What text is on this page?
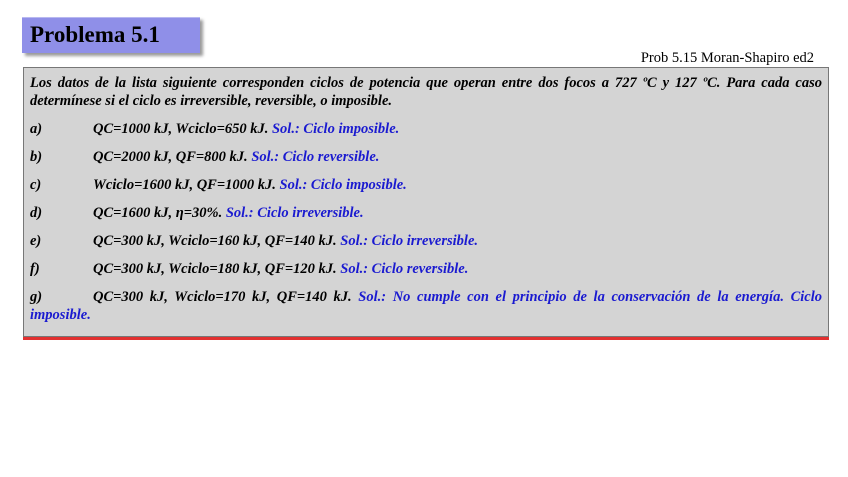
Problema 5.1
Prob 5.15 Moran-Shapiro ed2

Los datos de la lista siguiente corresponden ciclos de potencia que operan entre dos focos a 727 ºC y 127 ºC. Para cada caso determínese si el ciclo es irreversible, reversible, o imposible.

a)	QC=1000 kJ, Wciclo=650 kJ. Sol.: Ciclo imposible.
b)	QC=2000 kJ, QF=800 kJ. Sol.: Ciclo reversible.
c)	Wciclo=1600 kJ, QF=1000 kJ. Sol.: Ciclo imposible.
d)	QC=1600 kJ, η=30%. Sol.: Ciclo irreversible.
e)	QC=300 kJ, Wciclo=160 kJ, QF=140 kJ. Sol.: Ciclo irreversible.
f)	QC=300 kJ, Wciclo=180 kJ, QF=120 kJ. Sol.: Ciclo reversible.
g)	QC=300 kJ, Wciclo=170 kJ, QF=140 kJ. Sol.: No cumple con el principio de la conservación de la energía. Ciclo imposible.
